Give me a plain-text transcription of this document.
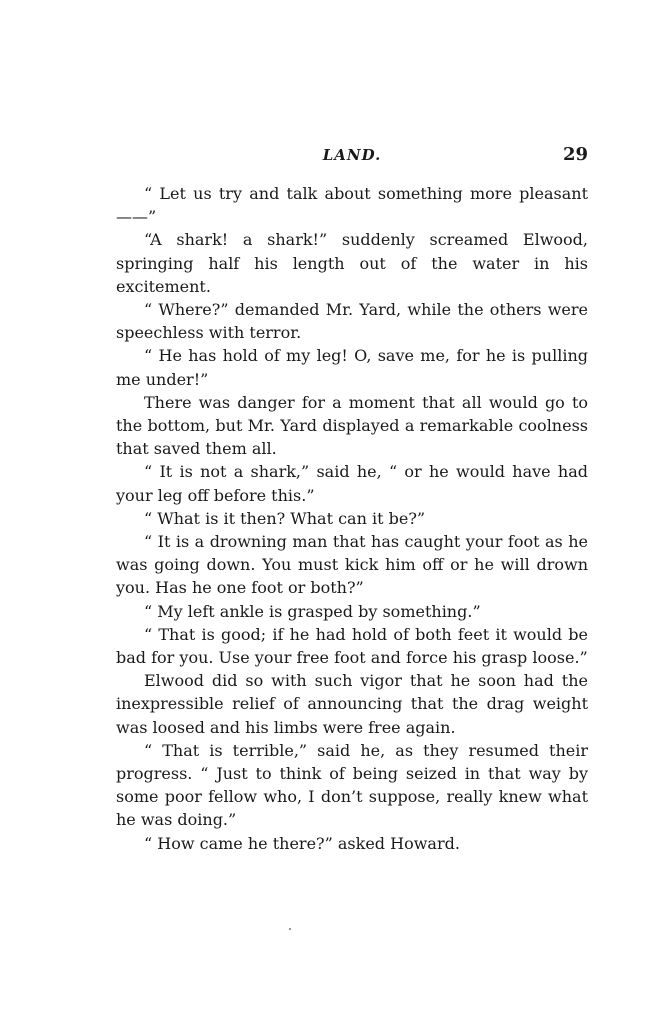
LAND.	29

“ Let us try and talk about something more pleasant——”

“A shark! a shark!” suddenly screamed Elwood, springing half his length out of the water in his excitement.

“ Where?” demanded Mr. Yard, while the others were speechless with terror.

“ He has hold of my leg! O, save me, for he is pulling me under!”

There was danger for a moment that all would go to the bottom, but Mr. Yard displayed a remarkable coolness that saved them all.

“ It is not a shark,” said he, “ or he would have had your leg off before this.”

“ What is it then? What can it be?”

“ It is a drowning man that has caught your foot as he was going down. You must kick him off or he will drown you. Has he one foot or both?”

“ My left ankle is grasped by something.”

“ That is good; if he had hold of both feet it would be bad for you. Use your free foot and force his grasp loose.”

Elwood did so with such vigor that he soon had the inexpressible relief of announcing that the drag weight was loosed and his limbs were free again.

“ That is terrible,” said he, as they resumed their progress. “ Just to think of being seized in that way by some poor fellow who, I don’t suppose, really knew what he was doing.”

“ How came he there?” asked Howard.
